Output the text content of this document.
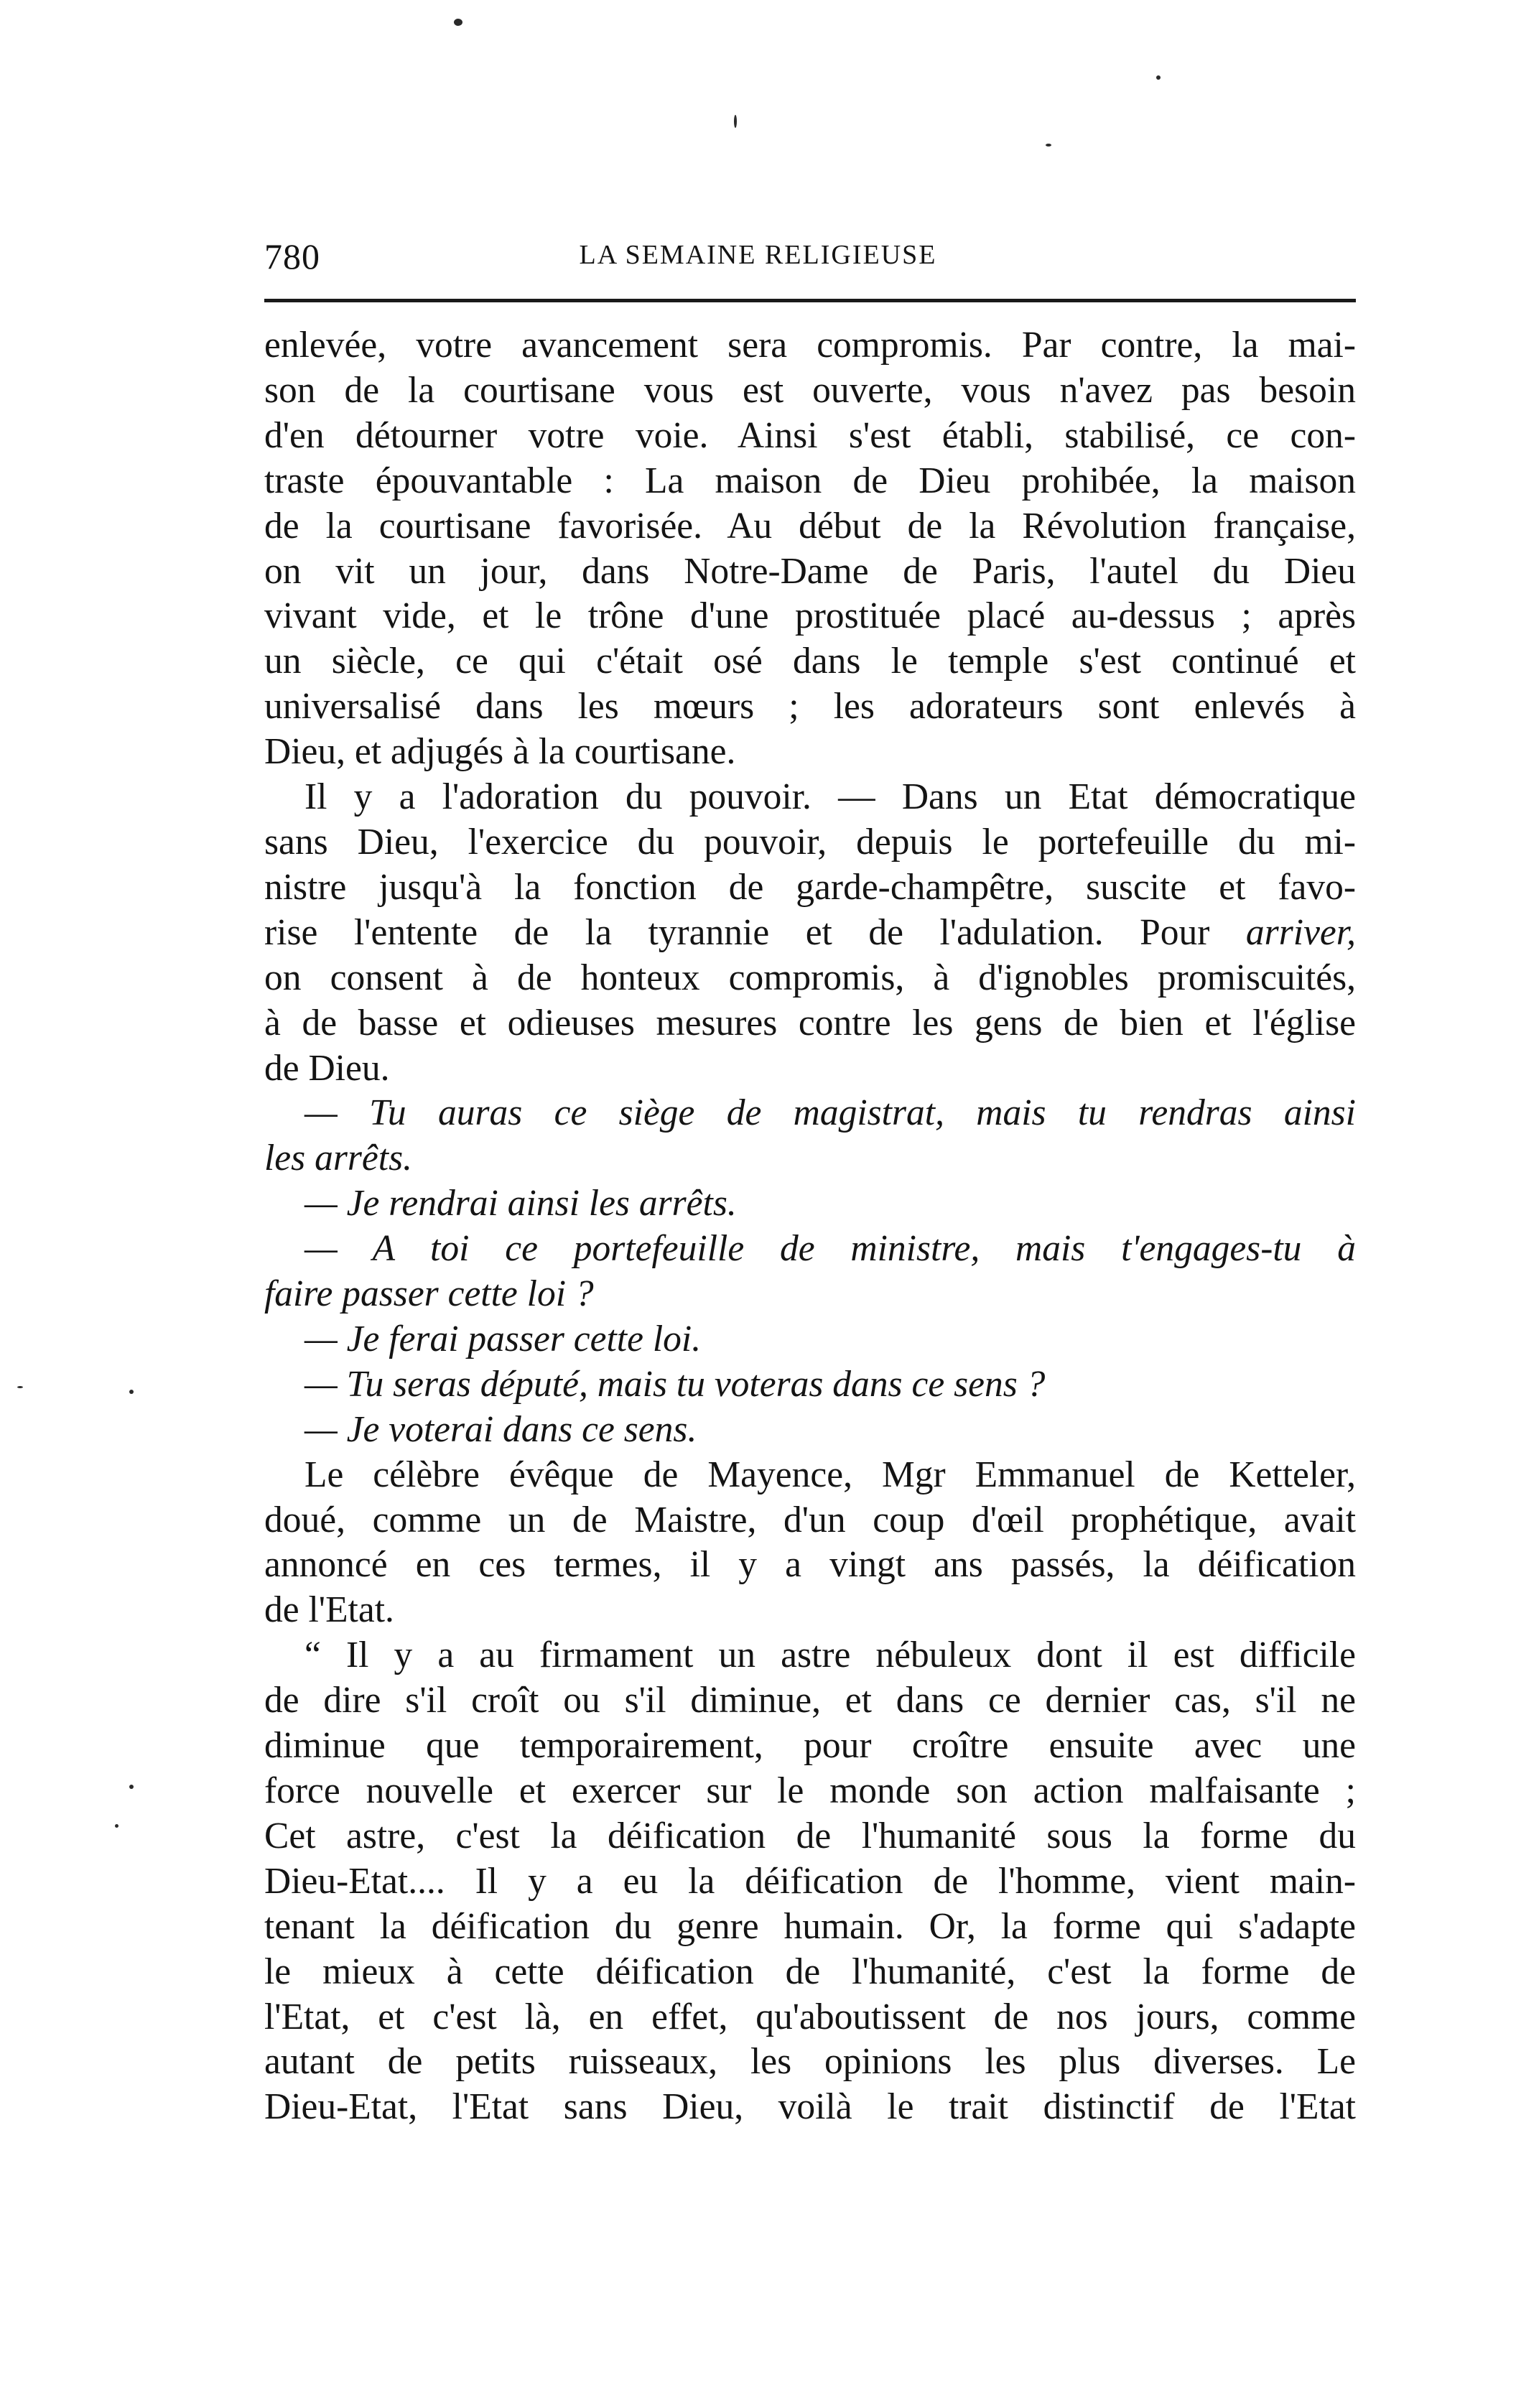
780	LA SEMAINE RELIGIEUSE

enlevée, votre avancement sera compromis. Par contre, la mai-
son de la courtisane vous est ouverte, vous n'avez pas besoin
d'en détourner votre voie. Ainsi s'est établi, stabilisé, ce con-
traste épouvantable : La maison de Dieu prohibée, la maison
de la courtisane favorisée. Au début de la Révolution française,
on vit un jour, dans Notre-Dame de Paris, l'autel du Dieu
vivant vide, et le trône d'une prostituée placé au-dessus ; après
un siècle, ce qui c'était osé dans le temple s'est continué et
universalisé dans les mœurs ; les adorateurs sont enlevés à
Dieu, et adjugés à la courtisane.

Il y a l'adoration du pouvoir. — Dans un Etat démocratique
sans Dieu, l'exercice du pouvoir, depuis le portefeuille du mi-
nistre jusqu'à la fonction de garde-champêtre, suscite et favo-
rise l'entente de la tyrannie et de l'adulation. Pour arriver,
on consent à de honteux compromis, à d'ignobles promiscuités,
à de basse et odieuses mesures contre les gens de bien et l'église
de Dieu.

— Tu auras ce siège de magistrat, mais tu rendras ainsi
les arrêts.

— Je rendrai ainsi les arrêts.

— A toi ce portefeuille de ministre, mais t'engages-tu à
faire passer cette loi ?

— Je ferai passer cette loi.

— Tu seras député, mais tu voteras dans ce sens ?

— Je voterai dans ce sens.

Le célèbre évêque de Mayence, Mgr Emmanuel de Ketteler,
doué, comme un de Maistre, d'un coup d'œil prophétique, avait
annoncé en ces termes, il y a vingt ans passés, la déification
de l'Etat.

“ Il y a au firmament un astre nébuleux dont il est difficile
de dire s'il croît ou s'il diminue, et dans ce dernier cas, s'il ne
diminue que temporairement, pour croître ensuite avec une
force nouvelle et exercer sur le monde son action malfaisante ;
Cet astre, c'est la déification de l'humanité sous la forme du
Dieu-Etat.... Il y a eu la déification de l'homme, vient main-
tenant la déification du genre humain. Or, la forme qui s'adapte
le mieux à cette déification de l'humanité, c'est la forme de
l'Etat, et c'est là, en effet, qu'aboutissent de nos jours, comme
autant de petits ruisseaux, les opinions les plus diverses. Le
Dieu-Etat, l'Etat sans Dieu, voilà le trait distinctif de l'Etat
